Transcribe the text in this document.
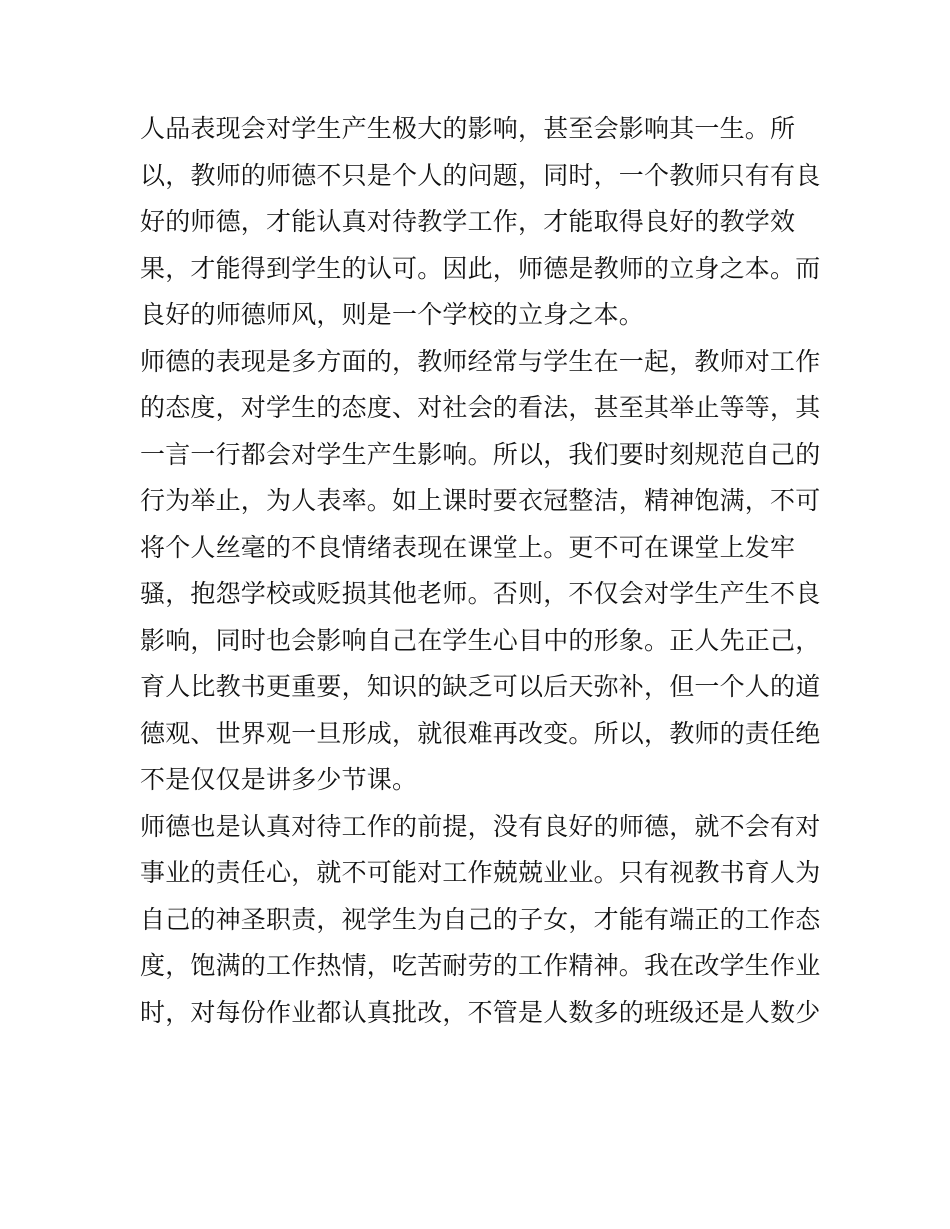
人品表现会对学生产生极大的影响，甚至会影响其一生。所
以，教师的师德不只是个人的问题，同时，一个教师只有有良
好的师德，才能认真对待教学工作，才能取得良好的教学效
果，才能得到学生的认可。因此，师德是教师的立身之本。而
良好的师德师风，则是一个学校的立身之本。
师德的表现是多方面的，教师经常与学生在一起，教师对工作
的态度，对学生的态度、对社会的看法，甚至其举止等等，其
一言一行都会对学生产生影响。所以，我们要时刻规范自己的
行为举止，为人表率。如上课时要衣冠整洁，精神饱满，不可
将个人丝毫的不良情绪表现在课堂上。更不可在课堂上发牢
骚，抱怨学校或贬损其他老师。否则，不仅会对学生产生不良
影响，同时也会影响自己在学生心目中的形象。正人先正己，
育人比教书更重要，知识的缺乏可以后天弥补，但一个人的道
德观、世界观一旦形成，就很难再改变。所以，教师的责任绝
不是仅仅是讲多少节课。
师德也是认真对待工作的前提，没有良好的师德，就不会有对
事业的责任心，就不可能对工作兢兢业业。只有视教书育人为
自己的神圣职责，视学生为自己的子女，才能有端正的工作态
度，饱满的工作热情，吃苦耐劳的工作精神。我在改学生作业
时，对每份作业都认真批改，不管是人数多的班级还是人数少
